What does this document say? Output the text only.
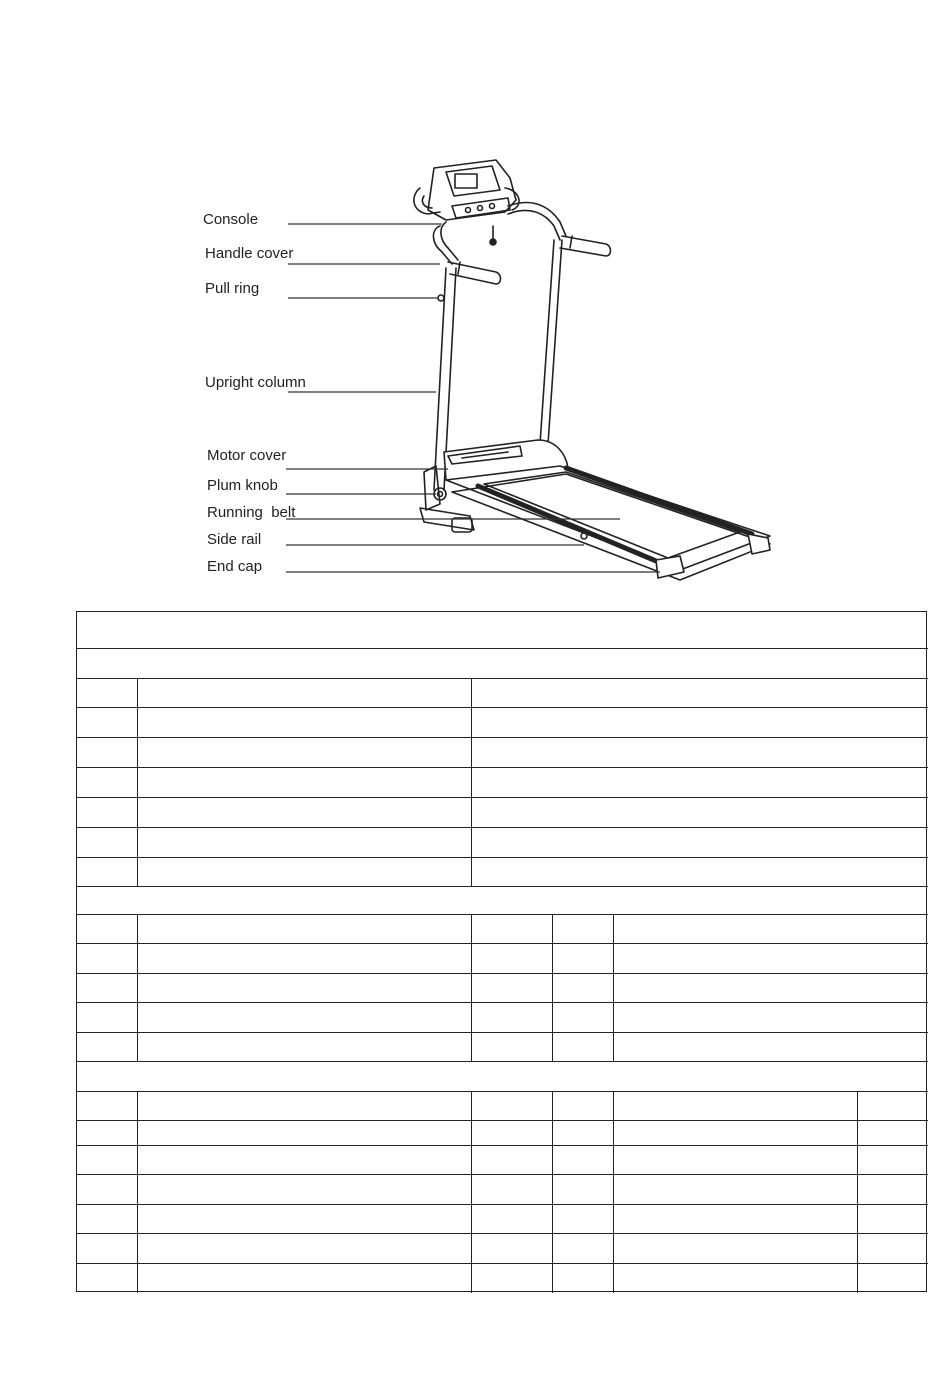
Console
Handle cover
Pull ring
Upright column
Motor cover
Plum knob
Running  belt
Side rail
End cap
